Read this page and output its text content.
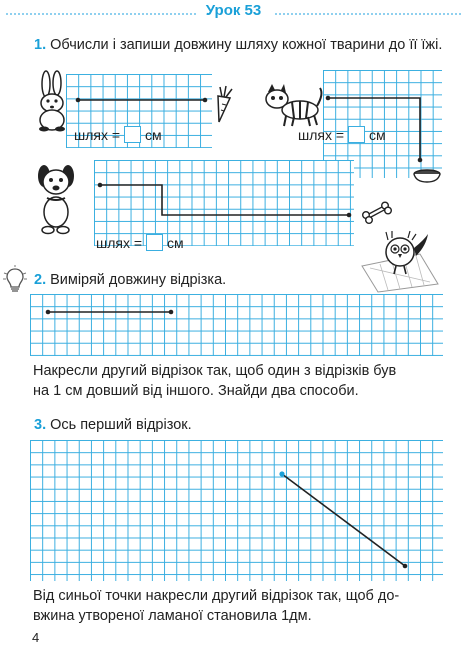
Урок 53
1. Обчисли і запиши довжину шляху кожної тварини до її їжі.
шлях = см	шлях = см
шлях = см
2. Виміряй довжину відрізка.
Накресли другий відрізок так, щоб один з відрізків був
на 1 см довший від іншого. Знайди два способи.
3. Ось перший відрізок.
Від синьої точки накресли другий відрізок так, щоб до-
вжина утвореної ламаної становила 1дм.
4
